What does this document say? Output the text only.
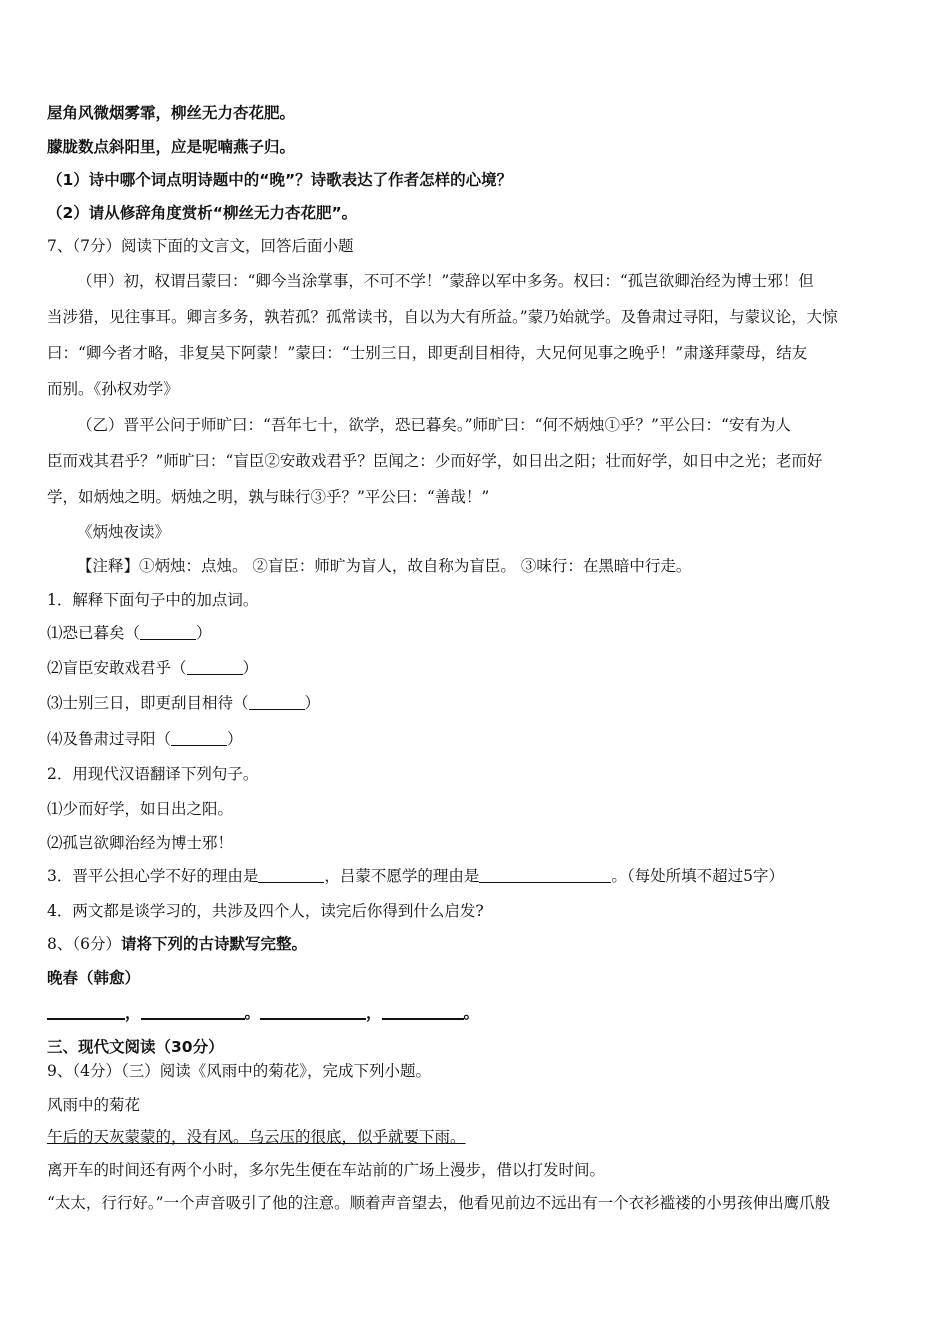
屋角风微烟雾霏，柳丝无力杏花肥。
朦胧数点斜阳里，应是呢喃燕子归。
（1）诗中哪个词点明诗题中的“晚”？诗歌表达了作者怎样的心境？
（2）请从修辞角度赏析“柳丝无力杏花肥”。
7、（7分）阅读下面的文言文，回答后面小题
（甲）初，权谓吕蒙曰：“卿今当涂掌事，不可不学！”蒙辞以军中多务。权曰：“孤岂欲卿治经为博士邪！但
当涉猎，见往事耳。卿言多务，孰若孤？孤常读书，自以为大有所益。”蒙乃始就学。及鲁肃过寻阳，与蒙议论，大惊
曰：“卿今者才略，非复吴下阿蒙！”蒙曰：“士别三日，即更刮目相待，大兄何见事之晚乎！”肃遂拜蒙母，结友
而别。《孙权劝学》
（乙）晋平公问于师旷曰：“吾年七十，欲学，恐已暮矣。”师旷曰：“何不炳烛①乎？”平公曰：“安有为人
臣而戏其君乎？”师旷曰：“盲臣②安敢戏君乎？臣闻之：少而好学，如日出之阳；壮而好学，如日中之光；老而好
学，如炳烛之明。炳烛之明，孰与昧行③乎？”平公曰：“善哉！”
《炳烛夜读》
【注释】①炳烛：点烛。 ②盲臣：师旷为盲人，故自称为盲臣。 ③味行：在黑暗中行走。
1．解释下面句子中的加点词。
⑴恐已暮矣（	）
⑵盲臣安敢戏君乎（	）
⑶士别三日，即更刮目相待（	）
⑷及鲁肃过寻阳（	）
2．用现代汉语翻译下列句子。
⑴少而好学，如日出之阳。
⑵孤岂欲卿治经为博士邪！
3．晋平公担心学不好的理由是	，吕蒙不愿学的理由是	。（每处所填不超过5字）
4．两文都是谈学习的，共涉及四个人，读完后你得到什么启发?
8、（6分）请将下列的古诗默写完整。
晚春（韩愈）
，	。	，	。
三、现代文阅读（30分）
9、（4分）（三）阅读《风雨中的菊花》，完成下列小题。
风雨中的菊花
午后的天灰蒙蒙的，没有风。乌云压的很底，似乎就要下雨。
离开车的时间还有两个小时，多尔先生便在车站前的广场上漫步，借以打发时间。
“太太，行行好。”一个声音吸引了他的注意。顺着声音望去，他看见前边不远出有一个衣衫褴褛的小男孩伸出鹰爪般
